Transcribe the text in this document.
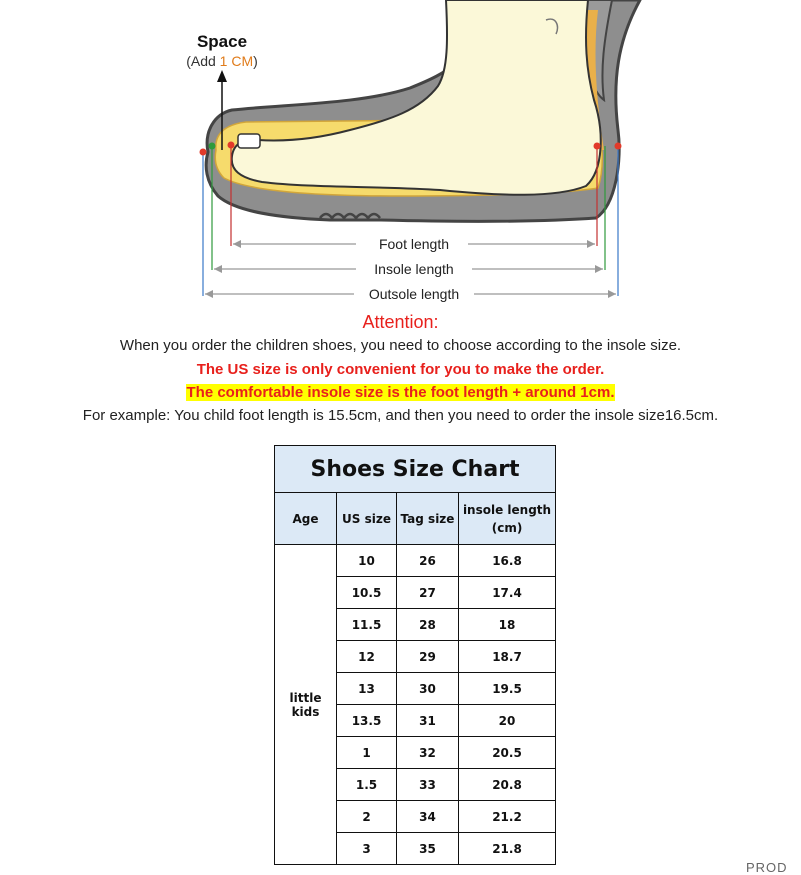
Space
(Add 1 CM)
Foot length
Insole length
Outsole length
Attention:
When you order the children shoes, you need to choose according to the insole size.
The US size is only convenient for you to make the order.
The comfortable insole size is the foot length + around 1cm.
For example: You child foot length is 15.5cm, and then you need to order the insole size16.5cm.
Shoes Size Chart			
Age	US size	Tag size	insole length
(cm)
little kids	10	26	16.8
	10.5	27	17.4
	11.5	28	18
	12	29	18.7
	13	30	19.5
	13.5	31	20
	1	32	20.5
	1.5	33	20.8
	2	34	21.2
	3	35	21.8
PROD
